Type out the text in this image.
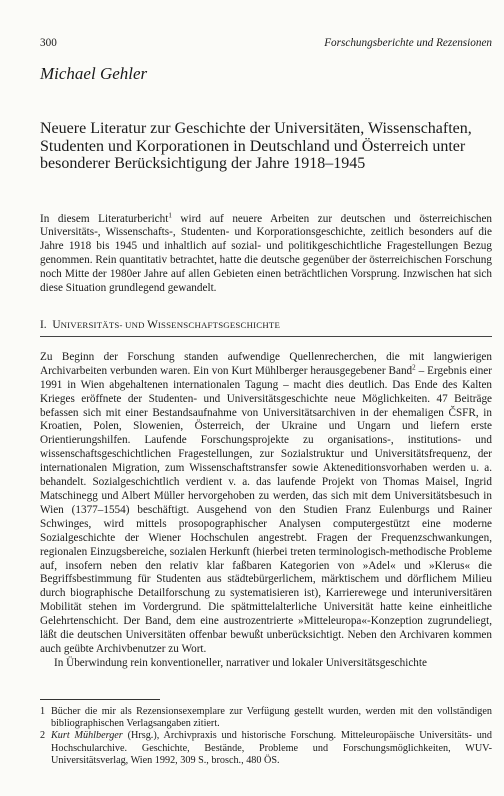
300	Forschungsberichte und Rezensionen
Michael Gehler
Neuere Literatur zur Geschichte der Universitäten, Wissenschaften, Studenten und Korporationen in Deutschland und Österreich unter besonderer Berücksichtigung der Jahre 1918–1945

In diesem Literaturbericht$^1$ wird auf neuere Arbeiten zur deutschen und österreichischen Universitäts-, Wissenschafts-, Studenten- und Korporationsgeschichte, zeitlich besonders auf die Jahre 1918 bis 1945 und inhaltlich auf sozial- und politikgeschichtliche Fragestellungen Bezug genommen. Rein quantitativ betrachtet, hatte die deutsche gegenüber der österreichischen Forschung noch Mitte der 1980er Jahre auf allen Gebieten einen beträchtlichen Vorsprung. Inzwischen hat sich diese Situation grundlegend gewandelt.

I. UNIVERSITÄTS- UND WISSENSCHAFTSGESCHICHTE

Zu Beginn der Forschung standen aufwendige Quellenrecherchen, die mit langwierigen Archivarbeiten verbunden waren. Ein von Kurt Mühlberger herausgegebener Band$^2$ – Ergebnis einer 1991 in Wien abgehaltenen internationalen Tagung – macht dies deutlich. Das Ende des Kalten Krieges eröffnete der Studenten- und Universitätsgeschichte neue Möglichkeiten. 47 Beiträge befassen sich mit einer Bestandsaufnahme von Universitätsarchiven in der ehemaligen ČSFR, in Kroatien, Polen, Slowenien, Österreich, der Ukraine und Ungarn und liefern erste Orientierungshilfen. Laufende Forschungsprojekte zu organisations-, institutions- und wissenschaftsgeschichtlichen Fragestellungen, zur Sozialstruktur und Universitätsfrequenz, der internationalen Migration, zum Wissenschaftstransfer sowie Akteneditionsvorhaben werden u. a. behandelt. Sozialgeschichtlich verdient v. a. das laufende Projekt von Thomas Maisel, Ingrid Matschinegg und Albert Müller hervorgehoben zu werden, das sich mit dem Universitätsbesuch in Wien (1377–1554) beschäftigt. Ausgehend von den Studien Franz Eulenburgs und Rainer Schwinges, wird mittels prosopographischer Analysen computergestützt eine moderne Sozialgeschichte der Wiener Hochschulen angestrebt. Fragen der Frequenzschwankungen, regionalen Einzugsbereiche, sozialen Herkunft (hierbei treten terminologisch-methodische Probleme auf, insofern neben den relativ klar faßbaren Kategorien von »Adel« und »Klerus« die Begriffsbestimmung für Studenten aus städtebürgerlichem, märktischem und dörflichem Milieu durch biographische Detailforschung zu systematisieren ist), Karrierewege und interuniversitären Mobilität stehen im Vordergrund. Die spätmittelalterliche Universität hatte keine einheitliche Gelehrtenschicht. Der Band, dem eine austrozentrierte »Mitteleuropa«-Konzeption zugrundeliegt, läßt die deutschen Universitäten offenbar bewußt unberücksichtigt. Neben den Archivaren kommen auch geübte Archivbenutzer zu Wort.

In Überwindung rein konventioneller, narrativer und lokaler Universitätsgeschichte

1 Bücher die mir als Rezensionsexemplare zur Verfügung gestellt wurden, werden mit den vollständigen bibliographischen Verlagsangaben zitiert.
2 Kurt Mühlberger (Hrsg.), Archivpraxis und historische Forschung. Mitteleuropäische Universitäts- und Hochschularchive. Geschichte, Bestände, Probleme und Forschungsmöglichkeiten, WUV-Universitätsverlag, Wien 1992, 309 S., brosch., 480 ÖS.
